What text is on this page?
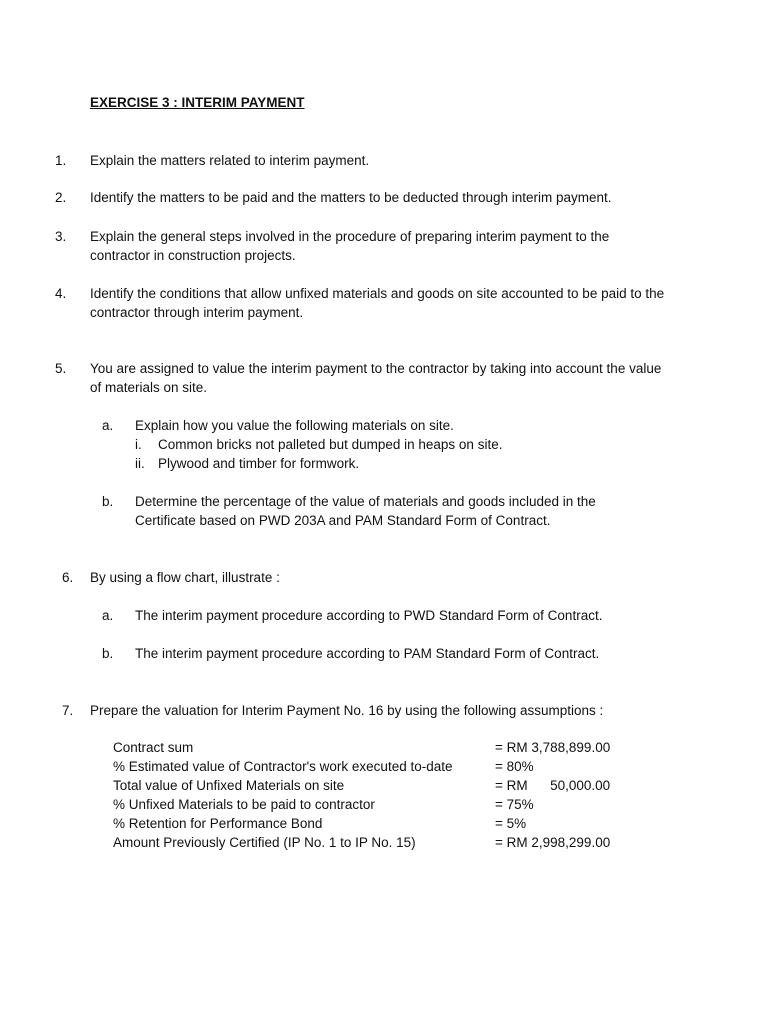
EXERCISE 3 : INTERIM PAYMENT
1.	Explain the matters related to interim payment.
2.	Identify the matters to be paid and the matters to be deducted through interim payment.
3.	Explain the general steps involved in the procedure of preparing interim payment to the contractor in construction projects.
4.	Identify the conditions that allow unfixed materials and goods on site accounted to be paid to the contractor through interim payment.
5.	You are assigned to value the interim payment to the contractor by taking into account the value of materials on site.
a.	Explain how you value the following materials on site.
i.	Common bricks not palleted but dumped in heaps on site.
ii. Plywood and timber for formwork.
b.	Determine the percentage of the value of materials and goods included in the Certificate based on PWD 203A and PAM Standard Form of Contract.
6.	By using a flow chart, illustrate :
a.	The interim payment procedure according to PWD Standard Form of Contract.
b.	The interim payment procedure according to PAM Standard Form of Contract.
7.	Prepare the valuation for Interim Payment No. 16 by using the following assumptions :
Contract sum	= RM 3,788,899.00
% Estimated value of Contractor's work executed to-date	= 80%
Total value of Unfixed Materials on site	= RM      50,000.00
% Unfixed Materials to be paid to contractor	= 75%
% Retention for Performance Bond	= 5%
Amount Previously Certified (IP No. 1 to IP No. 15)	= RM 2,998,299.00
